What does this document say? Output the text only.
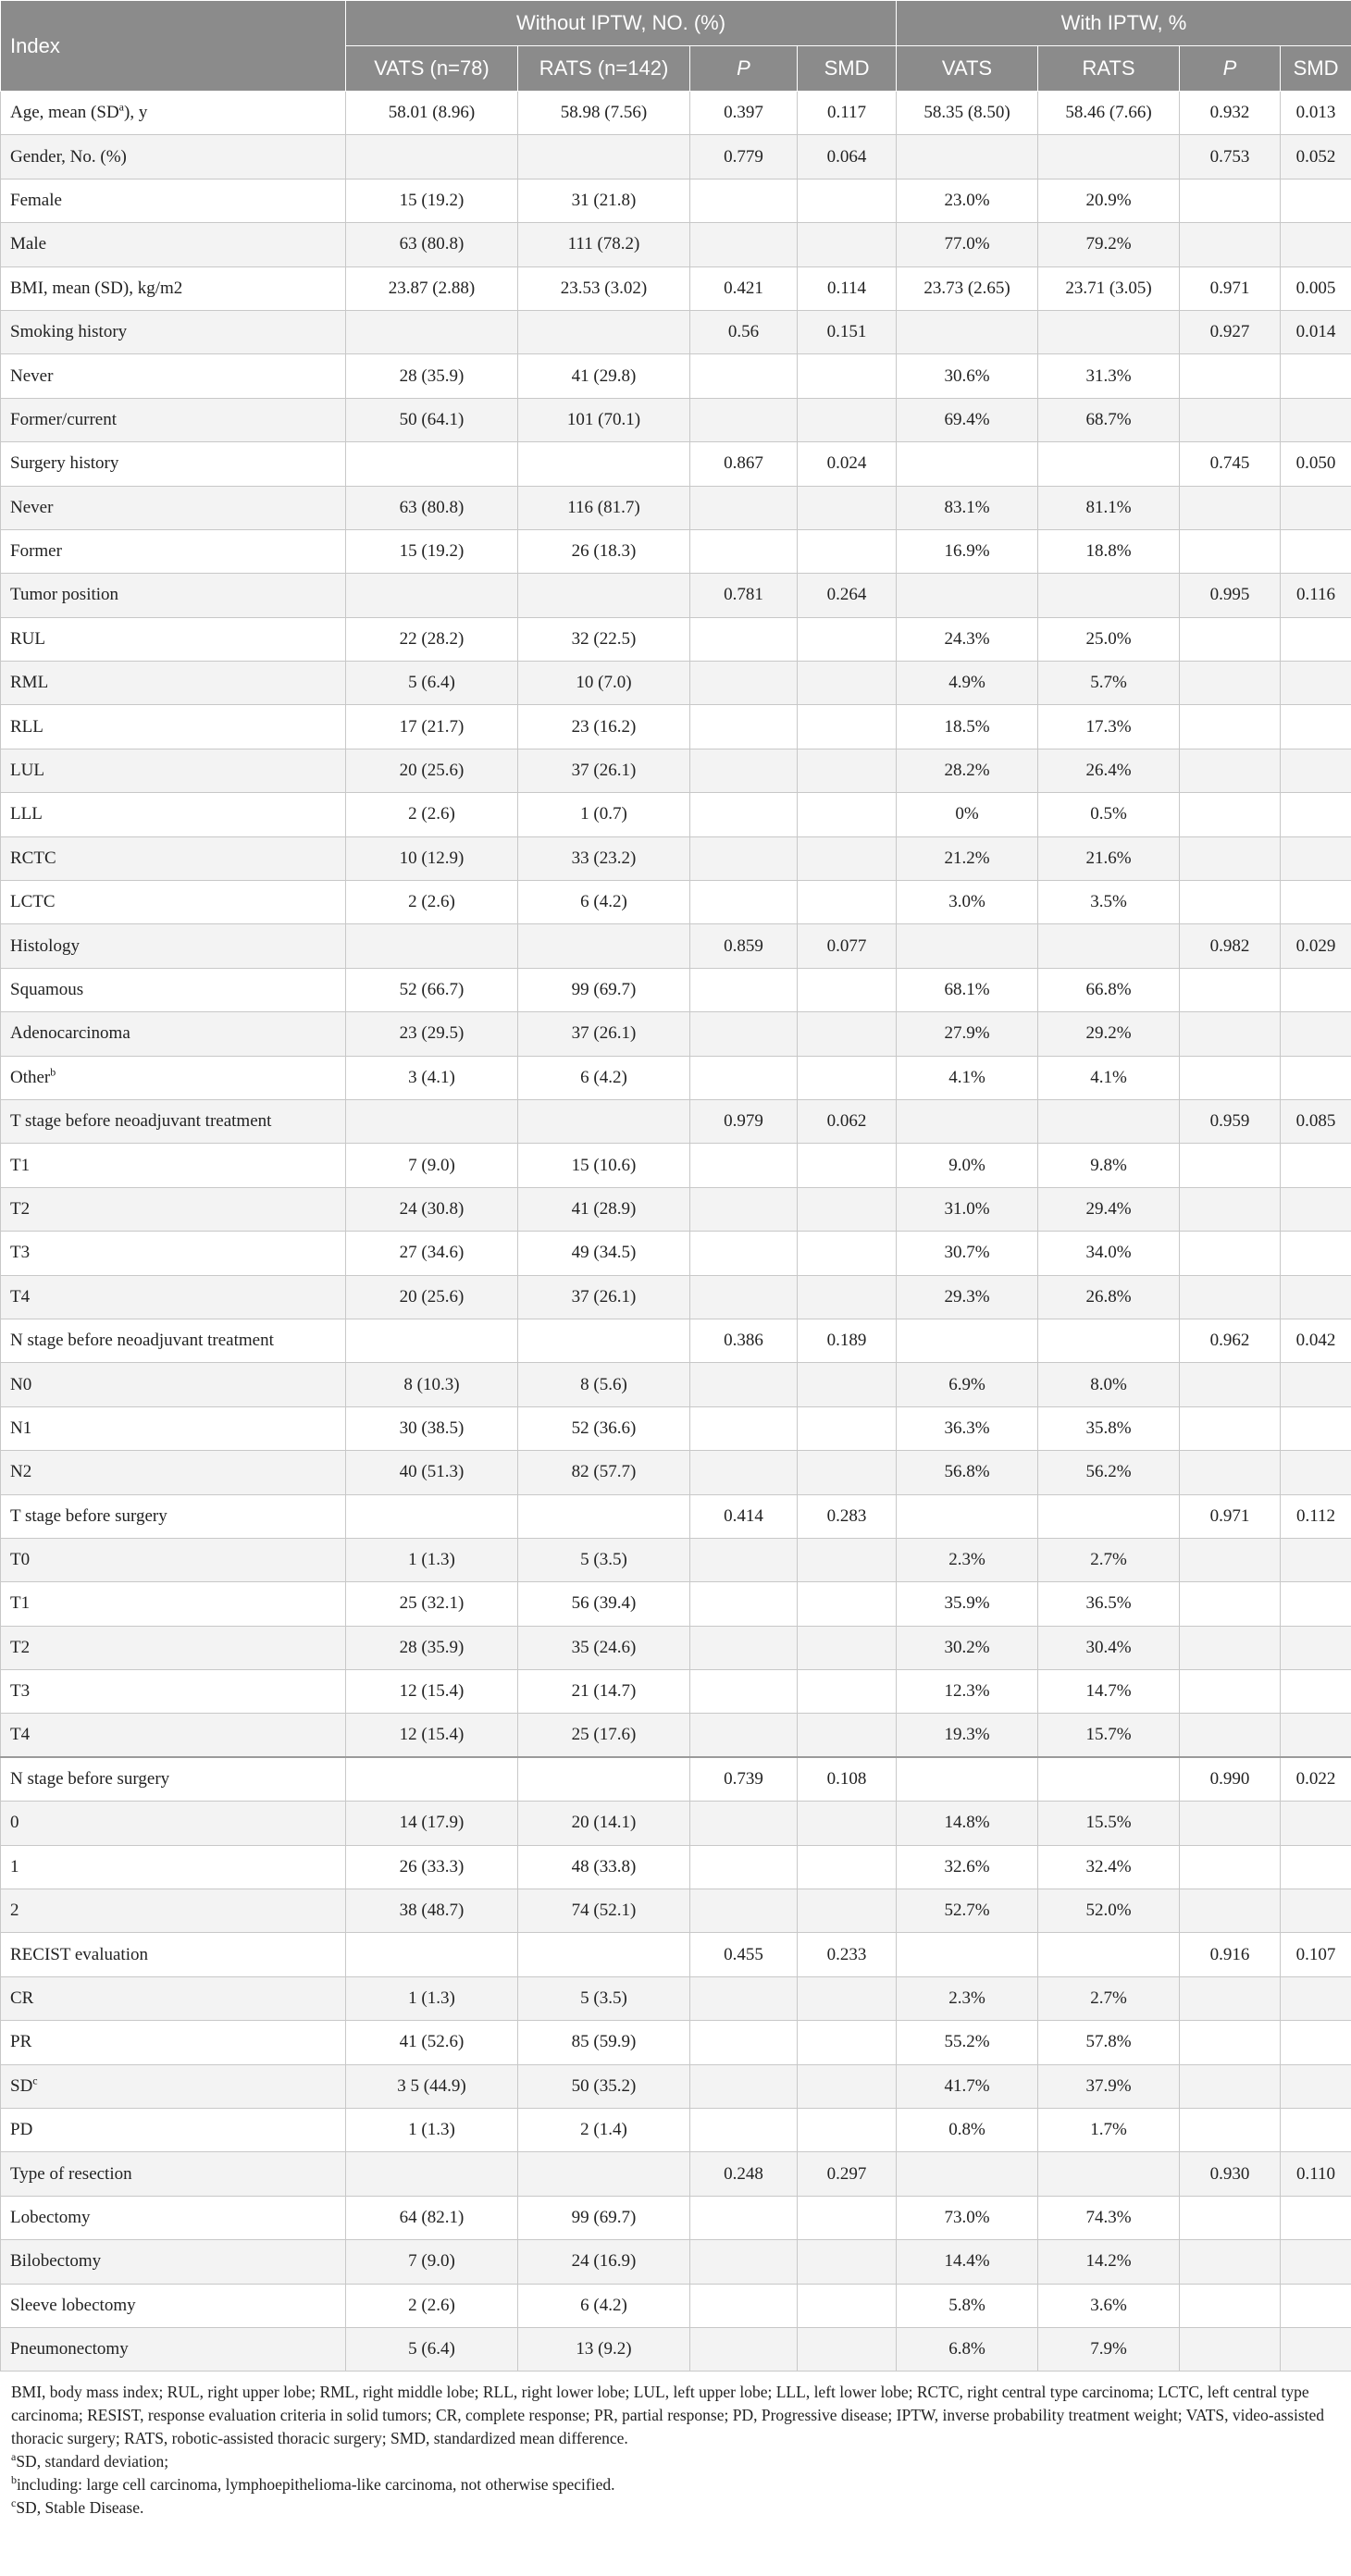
Index	Without IPTW, NO. (%)				With IPTW, %			
	VATS (n=78)	RATS (n=142)	P	SMD	VATS	RATS	P	SMD
Age, mean $(SD^a)$, y	58.01 (8.96)	58.98 (7.56)	0.397	0.117	58.35 (8.50)	58.46 (7.66)	0.932	0.013
Gender, No. (%)			0.779	0.064			0.753	0.052
Female	15 (19.2)	31 (21.8)			23.0%	20.9%		
Male	63 (80.8)	111 (78.2)			77.0%	79.2%		
BMI, mean (SD), kg/m2	23.87 (2.88)	23.53 (3.02)	0.421	0.114	23.73 (2.65)	23.71 (3.05)	0.971	0.005
Smoking history			0.56	0.151			0.927	0.014
Never	28 (35.9)	41 (29.8)			30.6%	31.3%		
Former/current	50 (64.1)	101 (70.1)			69.4%	68.7%		
Surgery history			0.867	0.024			0.745	0.050
Never	63 (80.8)	116 (81.7)			83.1%	81.1%		
Former	15 (19.2)	26 (18.3)			16.9%	18.8%		
Tumor position			0.781	0.264			0.995	0.116
RUL	22 (28.2)	32 (22.5)			24.3%	25.0%		
RML	5 (6.4)	10 (7.0)			4.9%	5.7%		
RLL	17 (21.7)	23 (16.2)			18.5%	17.3%		
LUL	20 (25.6)	37 (26.1)			28.2%	26.4%		
LLL	2 (2.6)	1 (0.7)			0%	0.5%		
RCTC	10 (12.9)	33 (23.2)			21.2%	21.6%		
LCTC	2 (2.6)	6 (4.2)			3.0%	3.5%		
Histology			0.859	0.077			0.982	0.029
Squamous	52 (66.7)	99 (69.7)			68.1%	66.8%		
Adenocarcinoma	23 (29.5)	37 (26.1)			27.9%	29.2%		
Other$^b$	3 (4.1)	6 (4.2)			4.1%	4.1%		
T stage before neoadjuvant treatment			0.979	0.062			0.959	0.085
T1	7 (9.0)	15 (10.6)			9.0%	9.8%		
T2	24 (30.8)	41 (28.9)			31.0%	29.4%		
T3	27 (34.6)	49 (34.5)			30.7%	34.0%		
T4	20 (25.6)	37 (26.1)			29.3%	26.8%		
N stage before neoadjuvant treatment			0.386	0.189			0.962	0.042
N0	8 (10.3)	8 (5.6)			6.9%	8.0%		
N1	30 (38.5)	52 (36.6)			36.3%	35.8%		
N2	40 (51.3)	82 (57.7)			56.8%	56.2%		
T stage before surgery			0.414	0.283			0.971	0.112
T0	1 (1.3)	5 (3.5)			2.3%	2.7%		
T1	25 (32.1)	56 (39.4)			35.9%	36.5%		
T2	28 (35.9)	35 (24.6)			30.2%	30.4%		
T3	12 (15.4)	21 (14.7)			12.3%	14.7%		
T4	12 (15.4)	25 (17.6)			19.3%	15.7%		
N stage before surgery			0.739	0.108			0.990	0.022
0	14 (17.9)	20 (14.1)			14.8%	15.5%		
1	26 (33.3)	48 (33.8)			32.6%	32.4%		
2	38 (48.7)	74 (52.1)			52.7%	52.0%		
RECIST evaluation			0.455	0.233			0.916	0.107
CR	1 (1.3)	5 (3.5)			2.3%	2.7%		
PR	41 (52.6)	85 (59.9)			55.2%	57.8%		
$SD^c$	3 5 (44.9)	50 (35.2)			41.7%	37.9%		
PD	1 (1.3)	2 (1.4)			0.8%	1.7%		
Type of resection			0.248	0.297			0.930	0.110
Lobectomy	64 (82.1)	99 (69.7)			73.0%	74.3%		
Bilobectomy	7 (9.0)	24 (16.9)			14.4%	14.2%		
Sleeve lobectomy	2 (2.6)	6 (4.2)			5.8%	3.6%		
Pneumonectomy	5 (6.4)	13 (9.2)			6.8%	7.9%		

BMI, body mass index; RUL, right upper lobe; RML, right middle lobe; RLL, right lower lobe; LUL, left upper lobe; LLL, left lower lobe; RCTC, right central type carcinoma; LCTC, left central type carcinoma; RESIST, response evaluation criteria in solid tumors; CR, complete response; PR, partial response; PD, Progressive disease; IPTW, inverse probability treatment weight; VATS, video-assisted thoracic surgery; RATS, robotic-assisted thoracic surgery; SMD, standardized mean difference.

$^a$SD, standard deviation;

$^b$including: large cell carcinoma, lymphoepithelioma-like carcinoma, not otherwise specified.

$^c$SD, Stable Disease.
